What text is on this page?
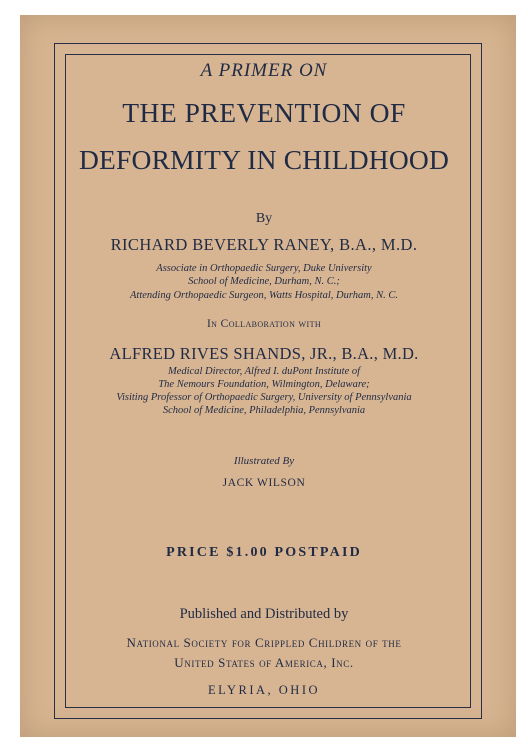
A PRIMER ON
THE PREVENTION OF
DEFORMITY IN CHILDHOOD
By
RICHARD BEVERLY RANEY, B.A., M.D.
Associate in Orthopaedic Surgery, Duke University
School of Medicine, Durham, N. C.;
Attending Orthopaedic Surgeon, Watts Hospital, Durham, N. C.
In Collaboration with
ALFRED RIVES SHANDS, JR., B.A., M.D.
Medical Director, Alfred I. duPont Institute of
The Nemours Foundation, Wilmington, Delaware;
Visiting Professor of Orthopaedic Surgery, University of Pennsylvania
School of Medicine, Philadelphia, Pennsylvania
Illustrated By
JACK WILSON
PRICE $1.00 POSTPAID
Published and Distributed by
National Society for Crippled Children of the
United States of America, Inc.
ELYRIA, OHIO
